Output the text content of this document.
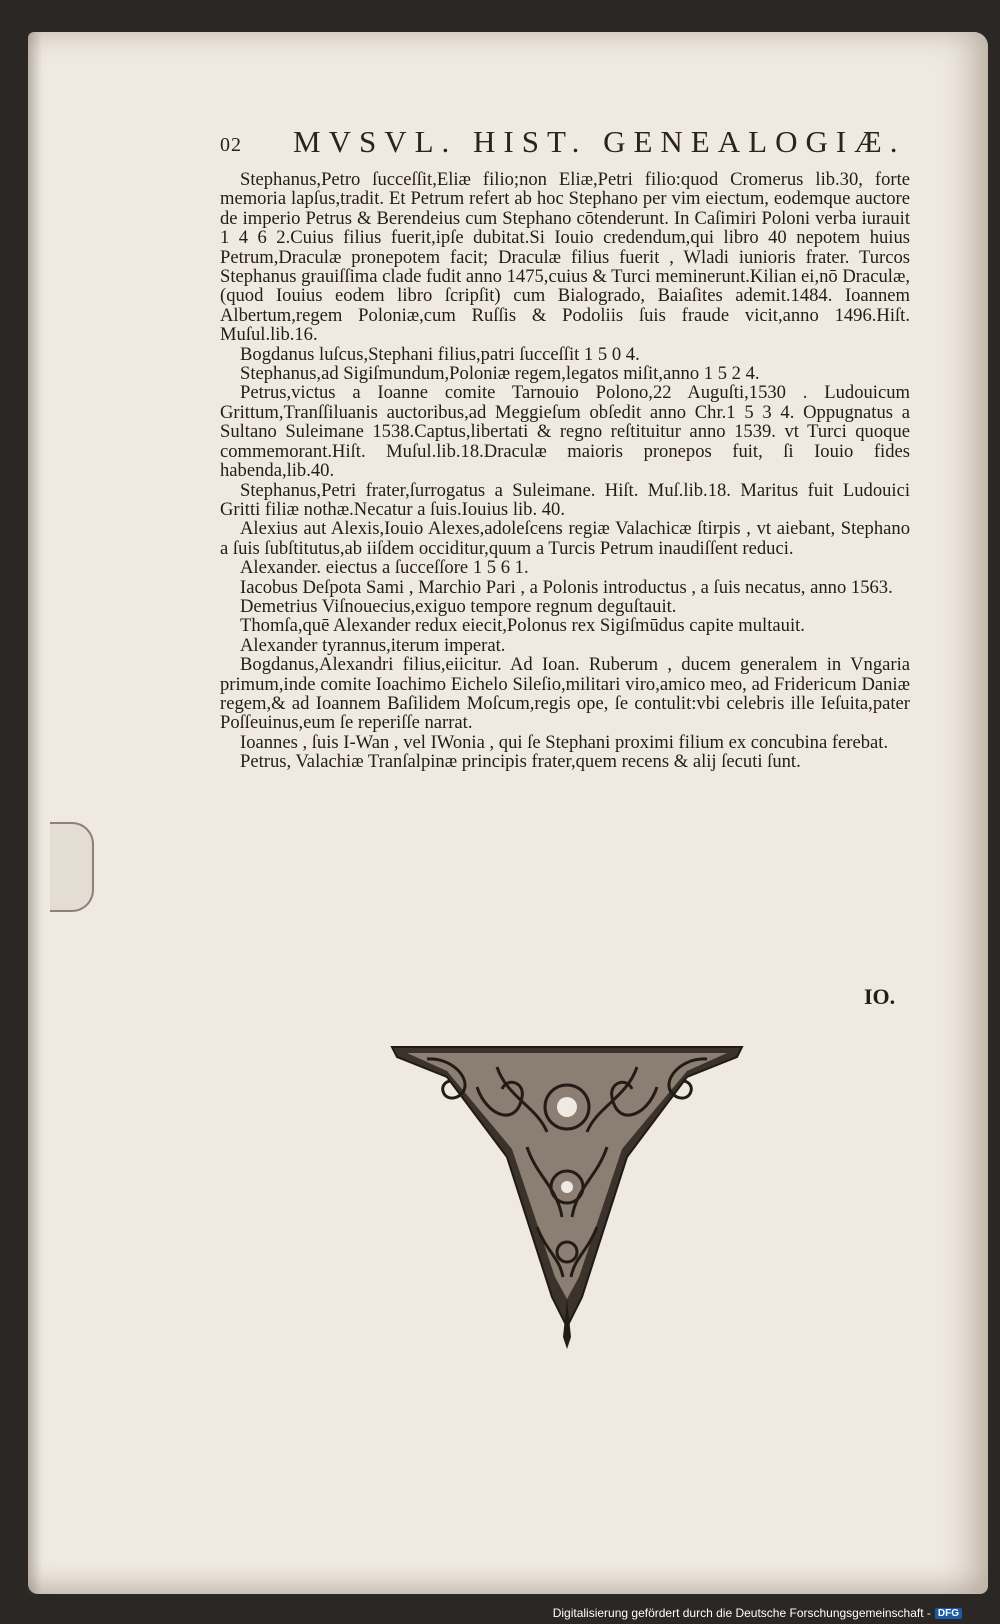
02 MVSVL. HIST. GENEALOGIÆ.

Stephanus,Petro ſucceſſit,Eliæ filio;non Eliæ,Petri filio:quod Cromerus lib.30, forte memoria lapſus,tradit. Et Petrum refert ab hoc Stephano per vim eiectum, eodemque auctore de imperio Petrus & Berendeius cum Stephano cōtenderunt. In Caſimiri Poloni verba iurauit 1 4 6 2.Cuius filius fuerit,ipſe dubitat.Si Iouio credendum,qui libro 40 nepotem huius Petrum,Draculæ pronepotem facit; Draculæ filius fuerit , Wladi iunioris frater. Turcos Stephanus grauiſſima clade fudit anno 1475,cuius & Turci meminerunt.Kilian ei,nō Draculæ,(quod Iouius eodem libro ſcripſit) cum Bialogrado, Baiaſites ademit.1484. Ioannem Albertum,regem Poloniæ,cum Ruſſis & Podoliis ſuis fraude vicit,anno 1496.Hiſt. Muſul.lib.16.

Bogdanus luſcus,Stephani filius,patri ſucceſſit 1 5 0 4.

Stephanus,ad Sigiſmundum,Poloniæ regem,legatos miſit,anno 1 5 2 4.

Petrus,victus a Ioanne comite Tarnouio Polono,22 Auguſti,1530 . Ludouicum Grittum,Tranſſiluanis auctoribus,ad Meggieſum obſedit anno Chr.1 5 3 4. Oppugnatus a Sultano Suleimane 1538.Captus,libertati & regno reſtituitur anno 1539. vt Turci quoque commemorant.Hiſt. Muſul.lib.18.Draculæ maioris pronepos fuit, ſi Iouio fides habenda,lib.40.

Stephanus,Petri frater,ſurrogatus a Suleimane. Hiſt. Muſ.lib.18. Maritus fuit Ludouici Gritti filiæ nothæ.Necatur a ſuis.Iouius lib. 40.

Alexius aut Alexis,Iouio Alexes,adoleſcens regiæ Valachicæ ſtirpis , vt aiebant, Stephano a ſuis ſubſtitutus,ab iiſdem occiditur,quum a Turcis Petrum inaudiſſent reduci.

Alexander. eiectus a ſucceſſore 1 5 6 1.

Iacobus Deſpota Sami , Marchio Pari , a Polonis introductus , a ſuis necatus, anno 1563.

Demetrius Viſnouecius,exiguo tempore regnum deguſtauit.

Thomſa,quē Alexander redux eiecit,Polonus rex Sigiſmūdus capite multauit.

Alexander tyrannus,iterum imperat.

Bogdanus,Alexandri filius,eiicitur. Ad Ioan. Ruberum , ducem generalem in Vngaria primum,inde comite Ioachimo Eichelo Sileſio,militari viro,amico meo, ad Fridericum Daniæ regem,& ad Ioannem Baſilidem Moſcum,regis ope, ſe contulit:vbi celebris ille Ieſuita,pater Poſſeuinus,eum ſe reperiſſe narrat.

Ioannes , ſuis I-Wan , vel IWonia , qui ſe Stephani proximi filium ex concubina ferebat.

Petrus, Valachiæ Tranſalpinæ principis frater,quem recens & alij ſecuti ſunt.

IO.
Digitalisierung gefördert durch die Deutsche Forschungsgemeinschaft - DFG
